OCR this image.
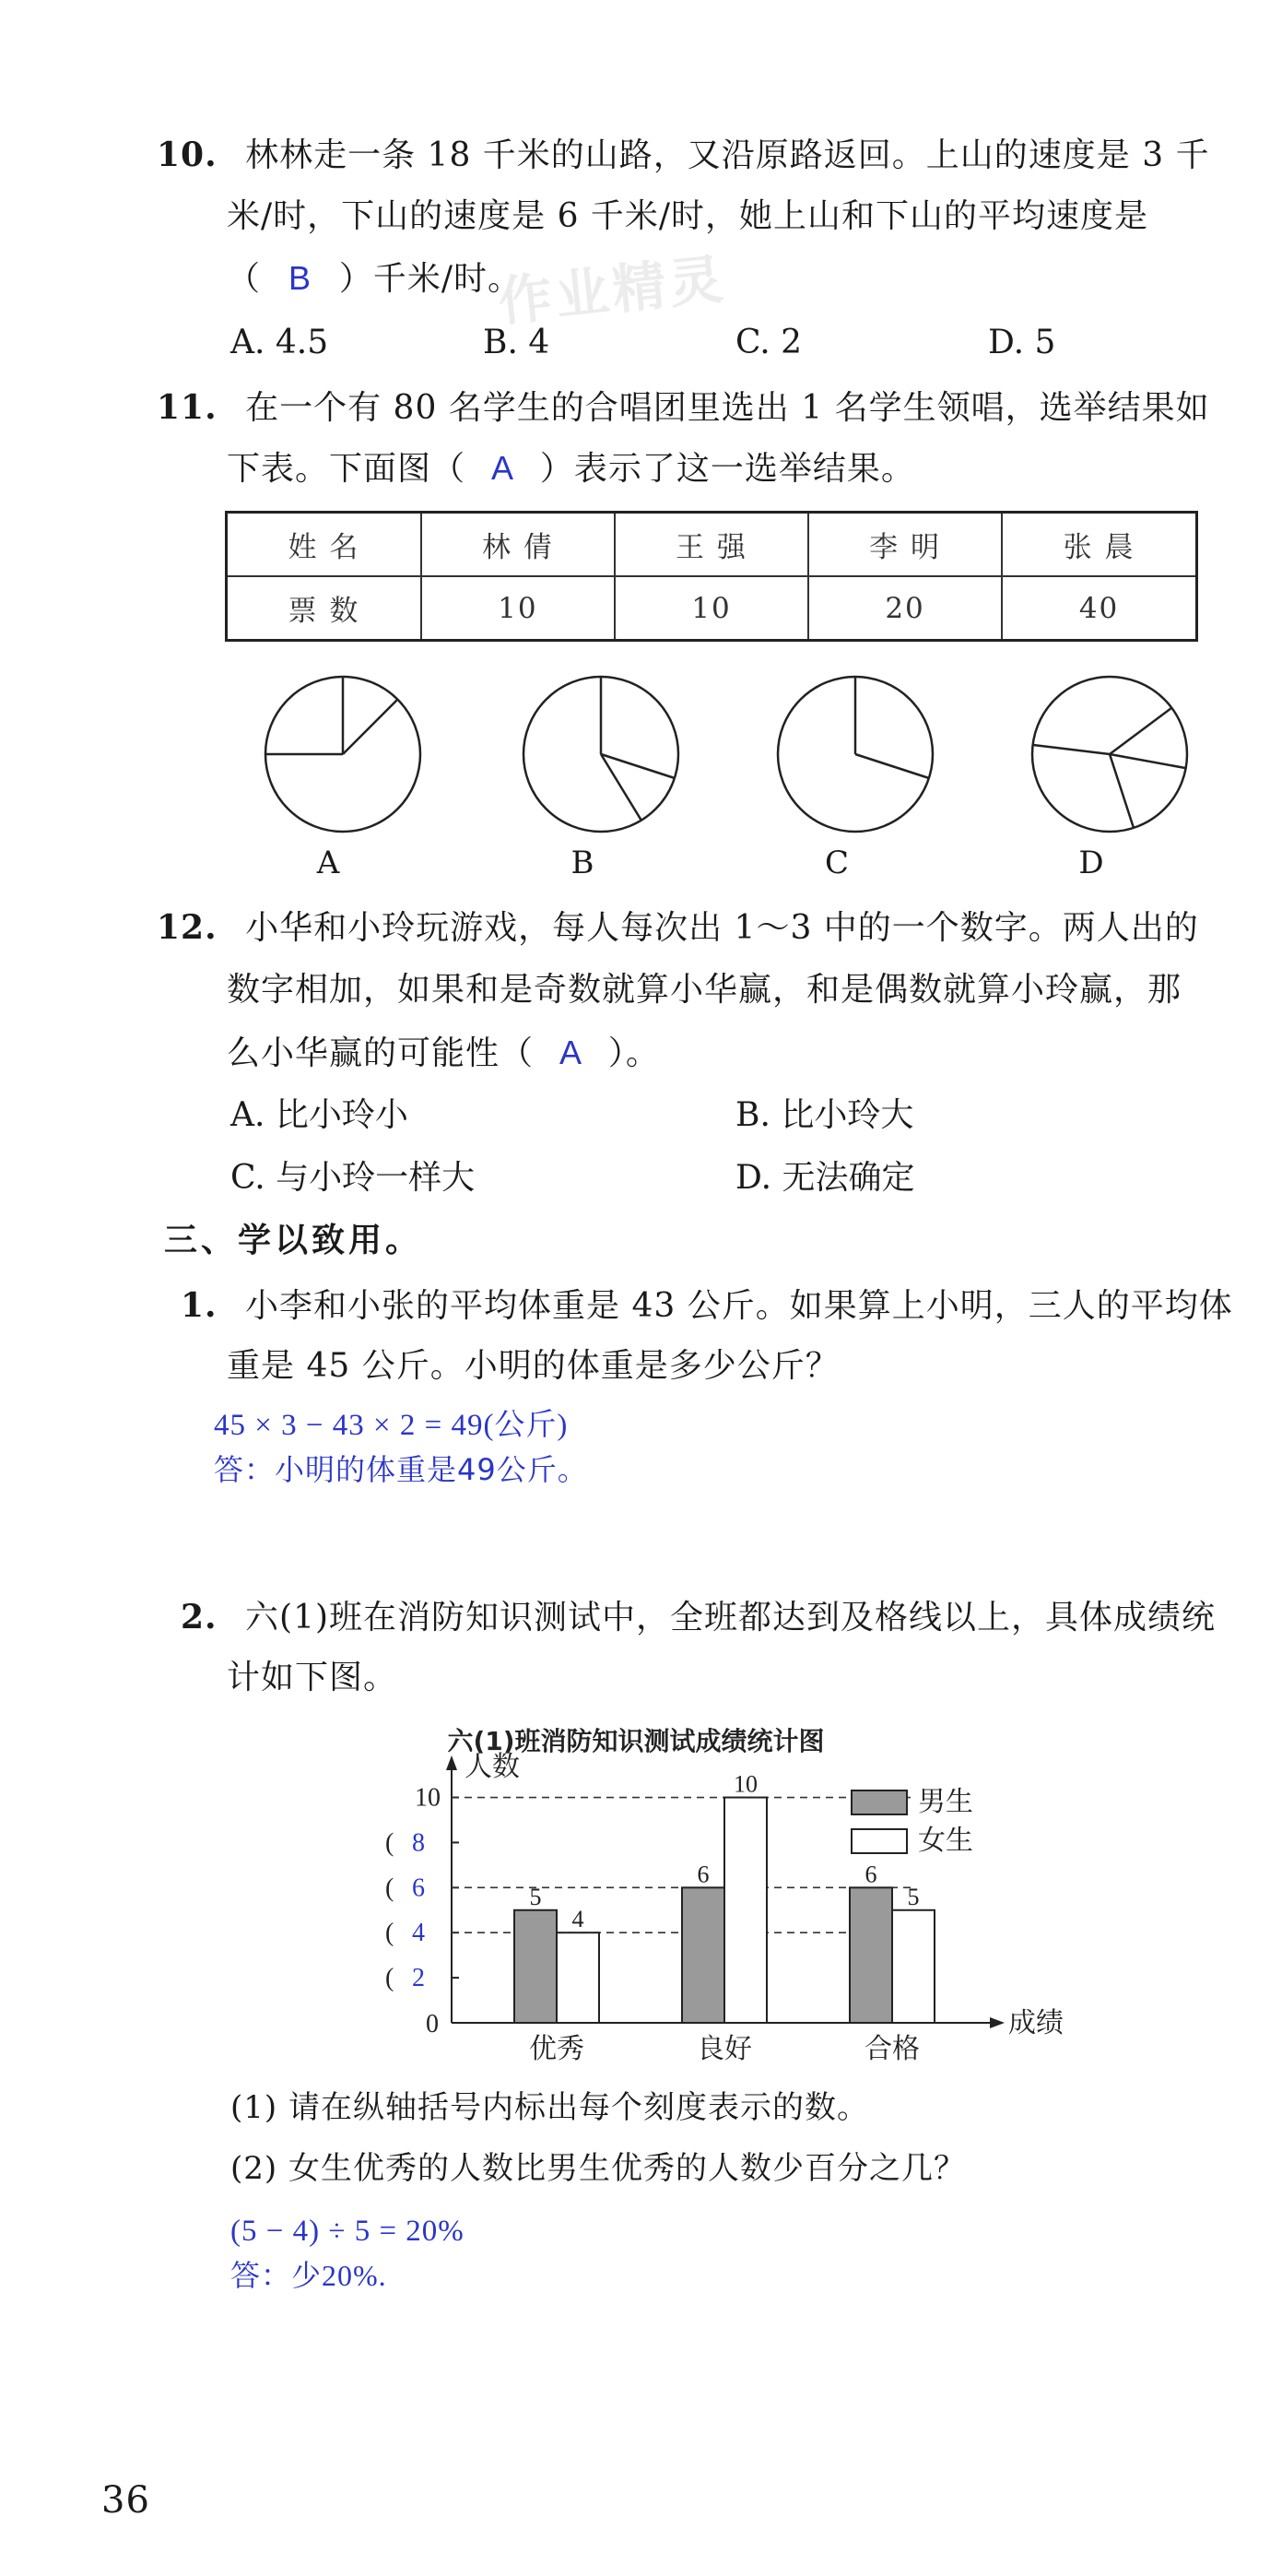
作业精灵
10. 林林走一条 18 千米的山路，又沿原路返回。上山的速度是 3 千
米/时，下山的速度是 6 千米/时，她上山和下山的平均速度是
（ B ）千米/时。
A. 4.5	B. 4	C. 2	D. 5
11. 在一个有 80 名学生的合唱团里选出 1 名学生领唱，选举结果如
下表。下面图（ A ）表示了这一选举结果。
姓 名	林 倩	王 强	李 明	张 晨
票 数	10	10	20	40
A	B	C	D
12. 小华和小玲玩游戏，每人每次出 1～3 中的一个数字。两人出的
数字相加，如果和是奇数就算小华赢，和是偶数就算小玲赢，那
么小华赢的可能性（ A ）。
A. 比小玲小	B. 比小玲大
C. 与小玲一样大	D. 无法确定
三、学以致用。
1. 小李和小张的平均体重是 43 公斤。如果算上小明，三人的平均体
重是 45 公斤。小明的体重是多少公斤？
45 × 3 − 43 × 2 = 49(公斤)
答：小明的体重是49公斤。
2. 六(1)班在消防知识测试中，全班都达到及格线以上，具体成绩统
计如下图。
六(1)班消防知识测试成绩统计图
人数
成绩
0
( 2
( 4
( 6
( 8
10
5
4
优秀
6
10
良好
6
5
合格
男生
女生
(1) 请在纵轴括号内标出每个刻度表示的数。
(2) 女生优秀的人数比男生优秀的人数少百分之几？
(5 − 4) ÷ 5 = 20%
答：少20%.
36
